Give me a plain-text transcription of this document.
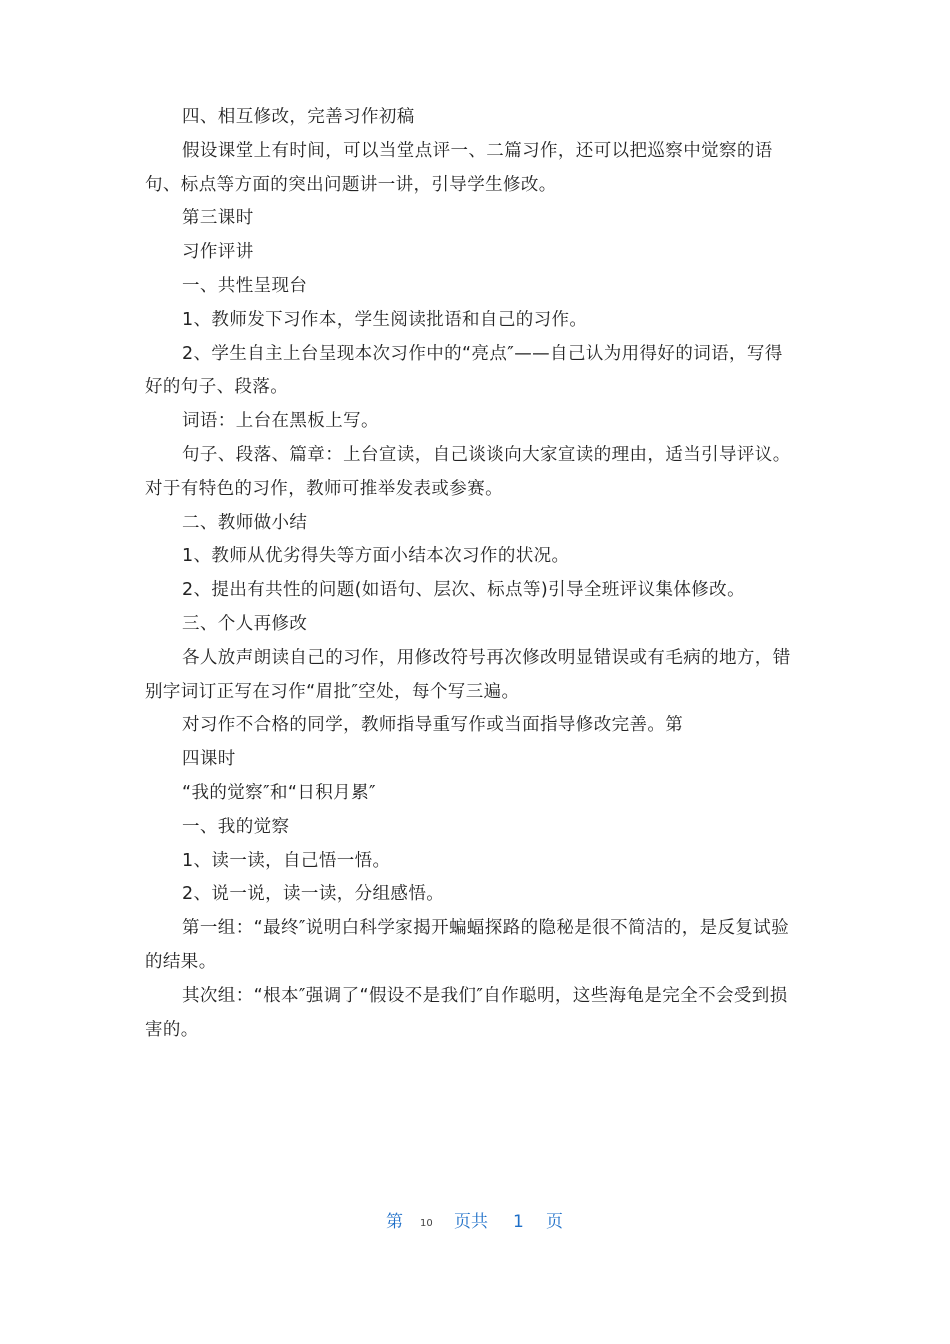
四、相互修改，完善习作初稿

假设课堂上有时间，可以当堂点评一、二篇习作，还可以把巡察中觉察的语句、标点等方面的突出问题讲一讲，引导学生修改。

第三课时

习作评讲

一、共性呈现台

1、教师发下习作本，学生阅读批语和自己的习作。

2、学生自主上台呈现本次习作中的“亮点″——自己认为用得好的词语，写得好的句子、段落。

词语：上台在黑板上写。

句子、段落、篇章：上台宣读，自己谈谈向大家宣读的理由，适当引导评议。对于有特色的习作，教师可推举发表或参赛。

二、教师做小结

1、教师从优劣得失等方面小结本次习作的状况。

2、提出有共性的问题(如语句、层次、标点等)引导全班评议集体修改。

三、个人再修改

各人放声朗读自己的习作，用修改符号再次修改明显错误或有毛病的地方，错别字词订正写在习作“眉批″空处，每个写三遍。

对习作不合格的同学，教师指导重写作或当面指导修改完善。第

四课时

“我的觉察″和“日积月累″

一、我的觉察

1、读一读，自己悟一悟。

2、说一说，读一读，分组感悟。

第一组：“最终″说明白科学家揭开蝙蝠探路的隐秘是很不简洁的，是反复试验的结果。

其次组：“根本″强调了“假设不是我们″自作聪明，这些海龟是完全不会受到损害的。

第 10 页共 1 页
